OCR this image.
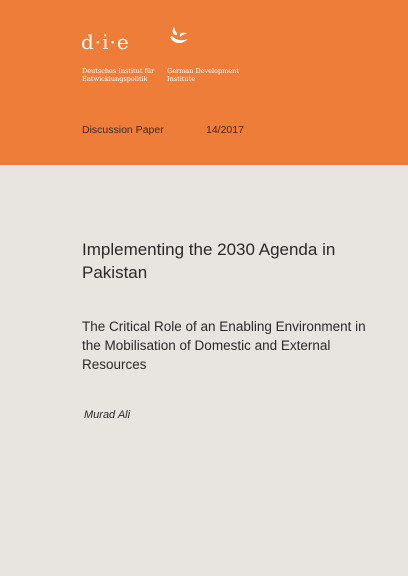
d·i·e
Deutsches Institut für Entwicklungspolitik
German Development Institute
Discussion Paper	14/2017
Implementing the 2030 Agenda in Pakistan
The Critical Role of an Enabling Environment in the Mobilisation of Domestic and External Resources
Murad Ali
